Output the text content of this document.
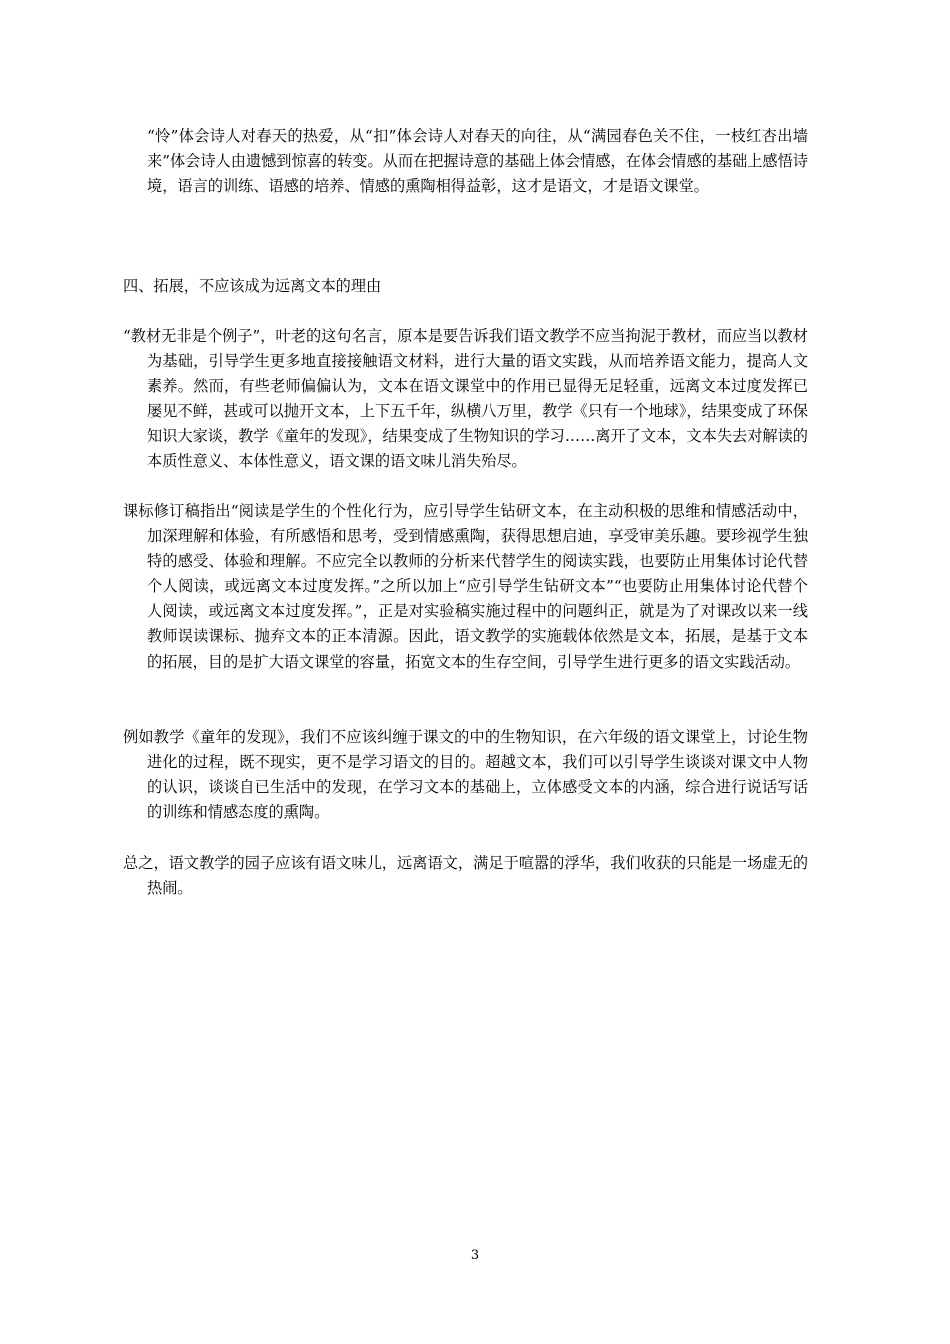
“怜”体会诗人对春天的热爱，从“扣”体会诗人对春天的向往，从“满园春色关不住，一枝红杏出墙来”体会诗人由遗憾到惊喜的转变。从而在把握诗意的基础上体会情感，在体会情感的基础上感悟诗境，语言的训练、语感的培养、情感的熏陶相得益彰，这才是语文，才是语文课堂。

四、拓展，不应该成为远离文本的理由

“教材无非是个例子”，叶老的这句名言，原本是要告诉我们语文教学不应当拘泥于教材，而应当以教材为基础，引导学生更多地直接接触语文材料，进行大量的语文实践，从而培养语文能力，提高人文素养。然而，有些老师偏偏认为，文本在语文课堂中的作用已显得无足轻重，远离文本过度发挥已屡见不鲜，甚或可以抛开文本，上下五千年，纵横八万里，教学《只有一个地球》，结果变成了环保知识大家谈，教学《童年的发现》，结果变成了生物知识的学习……离开了文本，文本失去对解读的本质性意义、本体性意义，语文课的语文味儿消失殆尽。

课标修订稿指出“阅读是学生的个性化行为，应引导学生钻研文本，在主动积极的思维和情感活动中，加深理解和体验，有所感悟和思考，受到情感熏陶，获得思想启迪，享受审美乐趣。要珍视学生独特的感受、体验和理解。不应完全以教师的分析来代替学生的阅读实践，也要防止用集体讨论代替个人阅读，或远离文本过度发挥。”之所以加上“应引导学生钻研文本”“也要防止用集体讨论代替个人阅读，或远离文本过度发挥。”，正是对实验稿实施过程中的问题纠正，就是为了对课改以来一线教师误读课标、抛弃文本的正本清源。因此，语文教学的实施载体依然是文本，拓展，是基于文本的拓展，目的是扩大语文课堂的容量，拓宽文本的生存空间，引导学生进行更多的语文实践活动。

例如教学《童年的发现》，我们不应该纠缠于课文的中的生物知识，在六年级的语文课堂上，讨论生物进化的过程，既不现实，更不是学习语文的目的。超越文本，我们可以引导学生谈谈对课文中人物的认识，谈谈自已生活中的发现，在学习文本的基础上，立体感受文本的内涵，综合进行说话写话的训练和情感态度的熏陶。

总之，语文教学的园子应该有语文味儿，远离语文，满足于喧嚣的浮华，我们收获的只能是一场虚无的热闹。

3
